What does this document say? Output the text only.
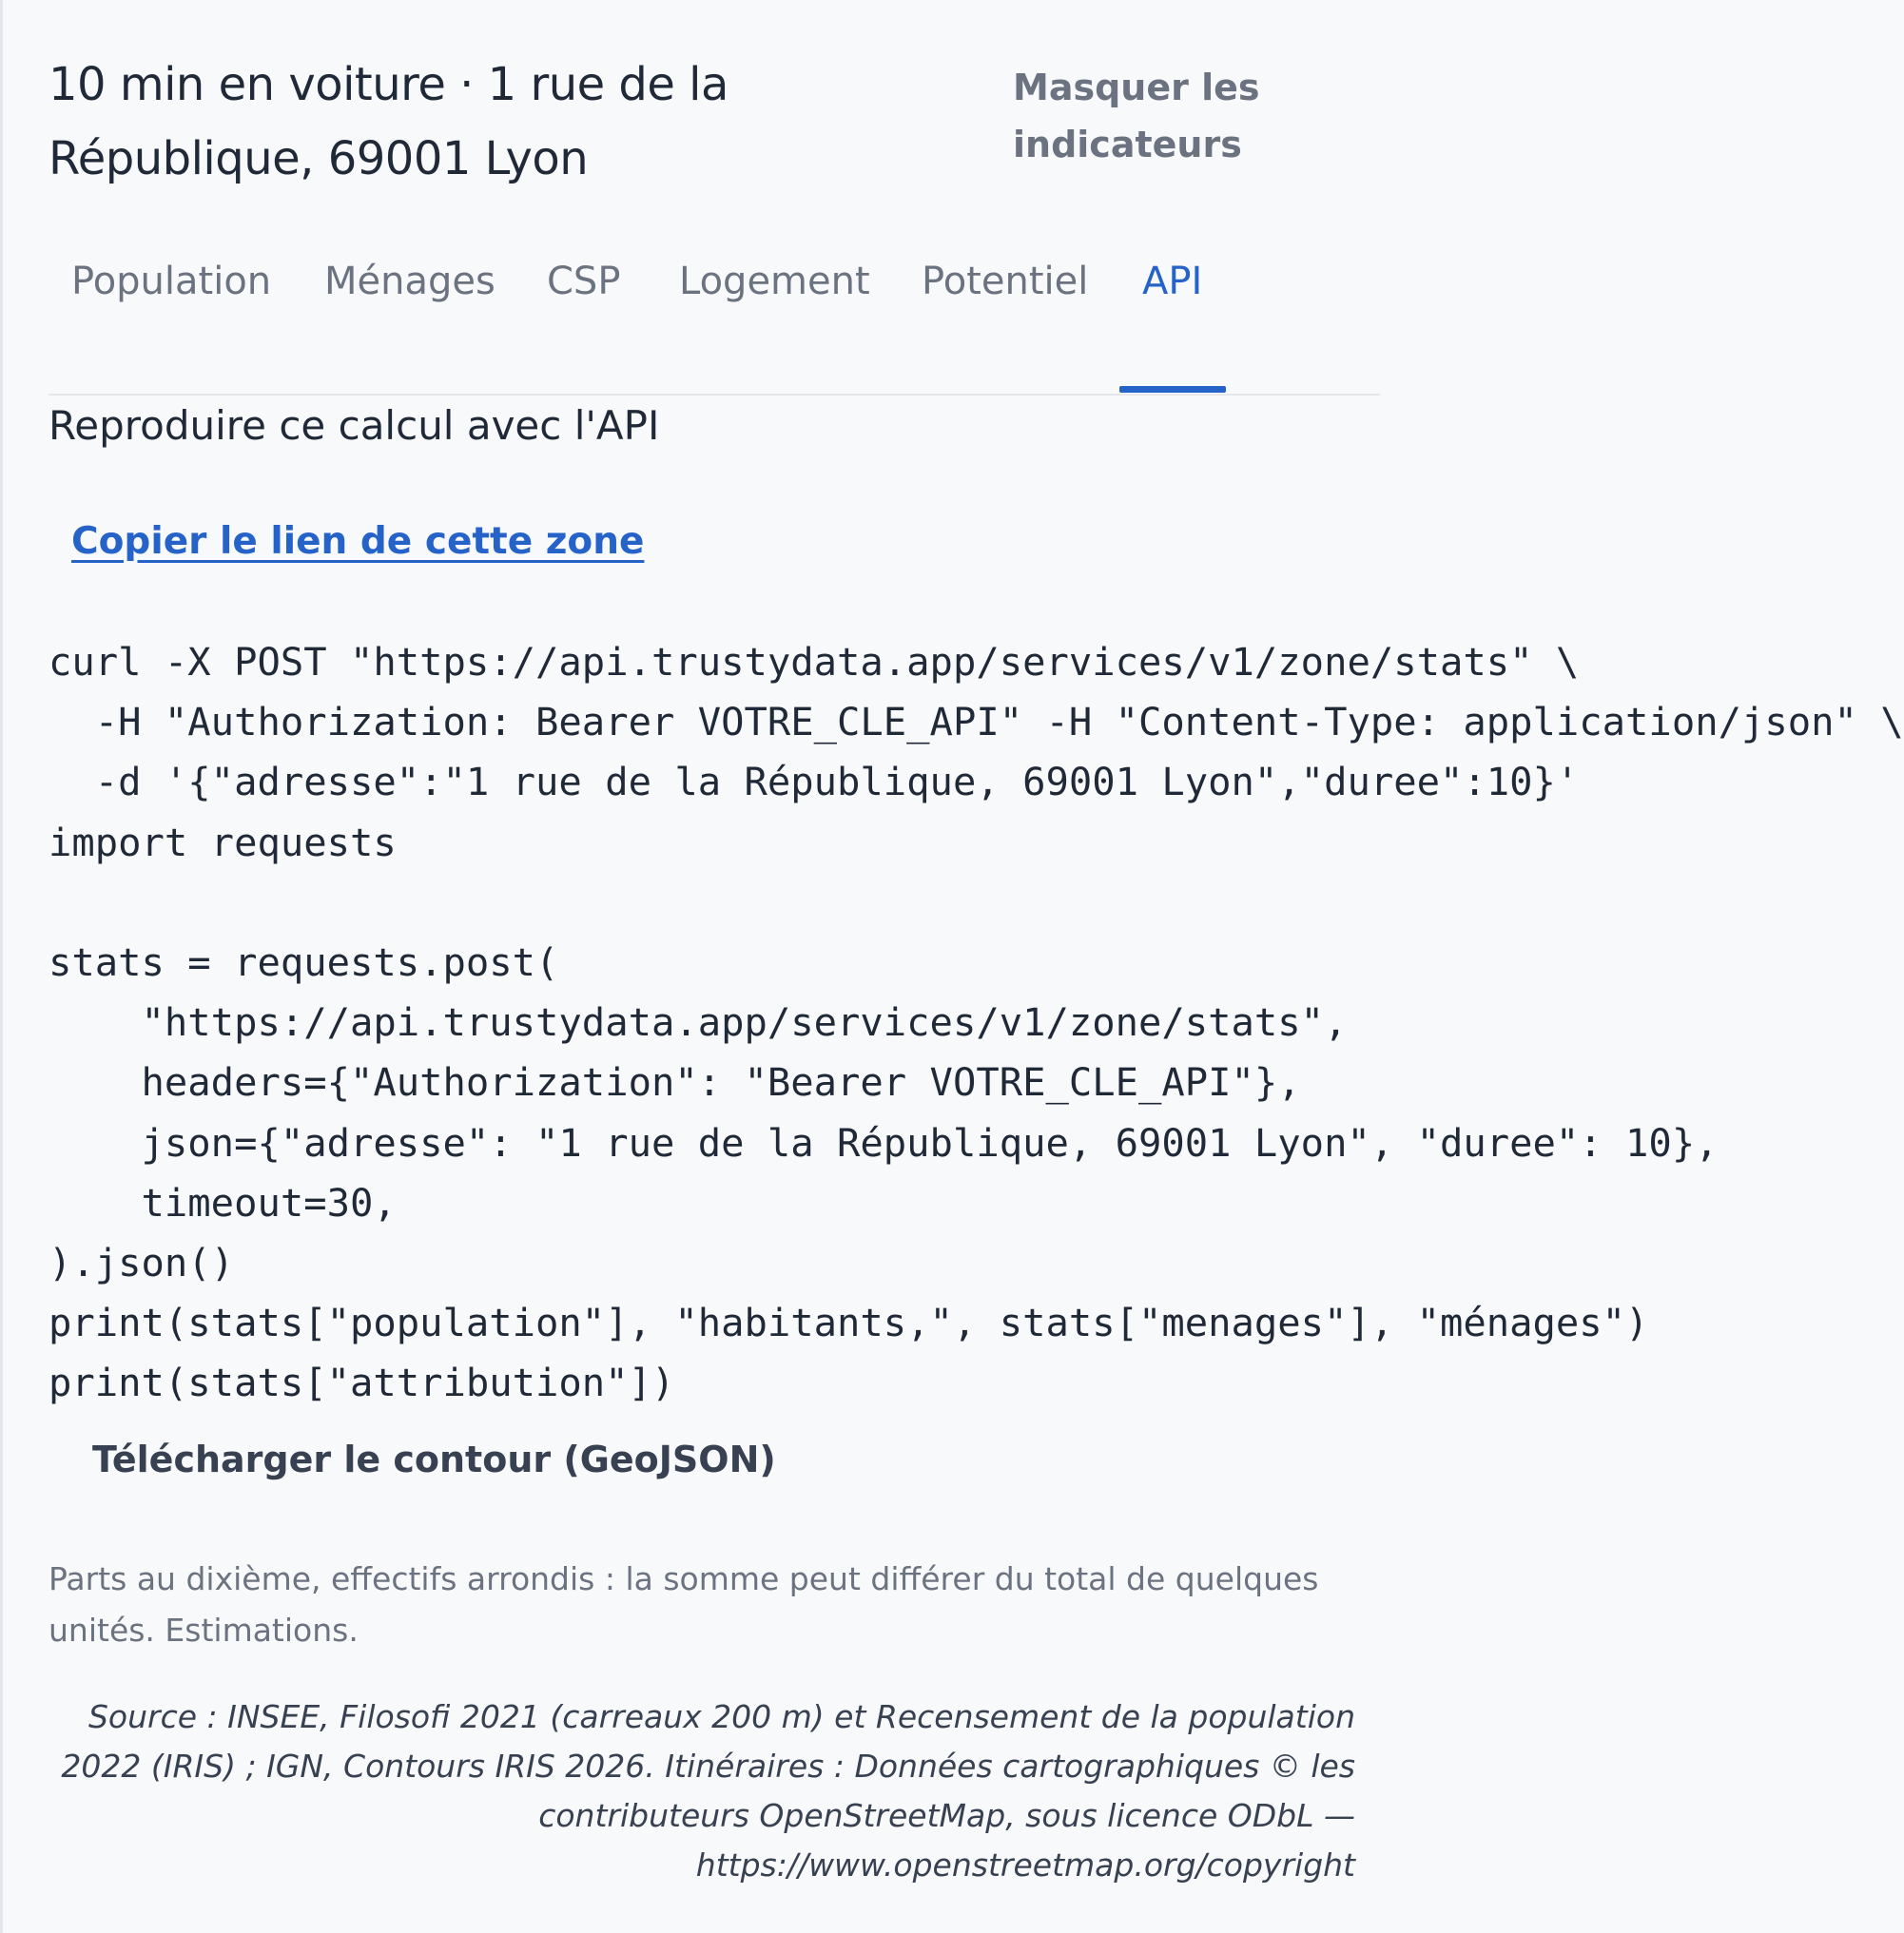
10 min en voiture · 1 rue de la République, 69001 Lyon
Masquer les indicateurs
Population Ménages CSP Logement Potentiel API

Reproduire ce calcul avec l'API

Copier le lien de cette zone
curl -X POST "https://api.trustydata.app/services/v1/zone/stats" \
-H "Authorization: Bearer VOTRE_CLE_API" -H "Content-Type: application/json" \
-d '{"adresse":"1 rue de la République, 69001 Lyon","duree":10}'
import requests
stats = requests.post(
"https://api.trustydata.app/services/v1/zone/stats",
headers={"Authorization": "Bearer VOTRE_CLE_API"},
json={"adresse": "1 rue de la République, 69001 Lyon", "duree": 10},
timeout=30,
).json()
print(stats["population"], "habitants,", stats["menages"], "ménages")
print(stats["attribution"])
Télécharger le contour (GeoJSON)

Parts au dixième, effectifs arrondis : la somme peut différer du total de quelques unités. Estimations.

Source : INSEE, Filosofi 2021 (carreaux 200 m) et Recensement de la population 2022 (IRIS) ; IGN, Contours IRIS 2026. Itinéraires : Données cartographiques © les contributeurs OpenStreetMap, sous licence ODbL — https://www.openstreetmap.org/copyright
